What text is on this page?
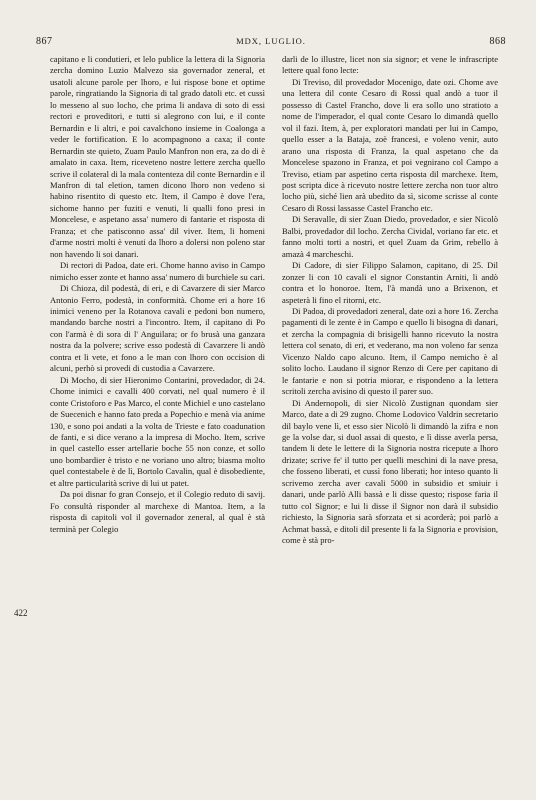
867	MDX, LUGLIO.	868
422

capitano e li condutieri, et lelo publice la lettera di la Signoria zercha domino Luzio Malvezo sia governador zeneral, et usatoli alcune parole per lhoro, e lui rispose bone et optime parole, ringratiando la Signoria di tal grado datoli etc. et cussì lo messeno al suo locho, che prima li andava di soto di essi rectori e proveditori, e tutti si alegrono con lui, e il conte Bernardin e li altri, e poi cavalchono insieme in Coalonga a veder le fortification. E lo acompagnono a caxa; il conte Bernardin ste quieto, Zuam Paulo Manfron non era, za do di è amalato in caxa. Item, riceveteno nostre lettere zercha quello scrive il colateral di la mala contenteza dil conte Bernardin e il Manfron di tal eletion, tamen dicono lhoro non vedeno si habino risentito di questo etc. Item, il Campo è dove l'era, sichome hanno per fuziti e venuti, li qualli fono presi in Moncelese, e aspetano assa' numero di fantarie et risposta di Franza; et che patisconno assa' dil viver. Item, li homeni d'arme nostri molti è venuti da lhoro a dolersi non poleno star non havendo li soi danari.

Di rectori di Padoa, date eri. Chome hanno aviso in Campo nimicho esser zonte et hanno assa' numero di burchiele su cari.

Di Chioza, dil podestà, di eri, e di Cavarzere di sier Marco Antonio Ferro, podestà, in conformità. Chome eri a hore 16 inimici veneno per la Rotanova cavali e pedoni bon numero, mandando barche nostri a l'incontro. Item, il capitano di Po con l'armà è di sora di l' Anguilara; or fo brusà una ganzara nostra da la polvere; scrive esso podestà di Cavarzere li andò contra et li vete, et fono a le man con lhoro con occision di alcuni, perhò si provedi di custodia a Cavarzere.

Di Mocho, di sier Hieronimo Contarini, provedador, di 24. Chome inimici e cavalli 400 corvati, nel qual numero è il conte Cristoforo e Pas Marco, el conte Michiel e uno castelano de Suecenich e hanno fato preda a Popechio e menà via anime 130, e sono poi andati a la volta de Trieste e fato coadunation de fanti, e si dice verano a la impresa di Mocho. Item, scrive in quel castello esser artellarie boche 55 non conze, et sollo uno bombardier è tristo e ne voriano uno altro; biasma molto quel contestabele è de lì, Bortolo Cavalin, qual è disobediente, et altre particularità scrive di lui ut patet.

Da poi disnar fo gran Consejo, et il Colegio reduto di savij. Fo consultà risponder al marchexe di Mantoa. Item, a la risposta di capitoli vol il governador zeneral, al qual è stà terminà per Colegio

darli de lo illustre, licet non sia signor; et vene le infrascripte lettere qual fono lecte:

Di Treviso, dil provedador Mocenigo, date ozi. Chome ave una lettera dil conte Cesaro di Rossi qual andò a tuor il possesso di Castel Francho, dove li era sollo uno stratioto a nome de l'imperador, el qual conte Cesaro lo dimandà quello vol il fazi. Item, à, per exploratori mandati per lui in Campo, quello esser a la Bataja, zoè francesi, e voleno venir, auto arano una risposta di Franza, la qual aspetano che da Moncelese spazono in Franza, et poi vegnirano col Campo a Treviso, etiam par aspetino certa risposta dil marchexe. Item, post scripta dice à ricevuto nostre lettere zercha non tuor altro locho più, siché lien arà ubedito da sì, sicome scrisse al conte Cesaro di Rossi lassasse Castel Francho etc.

Di Seravalle, di sier Zuan Diedo, provedador, e sier Nicolò Balbi, provedador dil locho. Zercha Cividal, voriano far etc. et fanno molti torti a nostri, et quel Zuam da Grim, rebello à amazà 4 marcheschi.

Di Cadore, di sier Filippo Salamon, capitano, di 25. Dil zonzer li con 10 cavali el signor Constantin Arniti, li andò contra et lo honoroe. Item, l'à mandà uno a Brixenon, et aspeterà li fino el ritorni, etc.

Di Padoa, di provedadori zeneral, date ozi a hore 16. Zercha pagamenti di le zente è in Campo e quello li bisogna di danari, et zercha la compagnia di brisigelli hanno ricevuto la nostra lettera col senato, di eri, et vederano, ma non voleno far senza Vicenzo Naldo capo alcuno. Item, il Campo nemicho è al solito locho. Laudano il signor Renzo di Cere per capitano di le fantarie e non si potria miorar, e rispondeno a la lettera scritoli zercha avisino di questo il parer suo.

Di Andernopoli, di sier Nicolò Zustignan quondam sier Marco, date a di 29 zugno. Chome Lodovico Valdrin secretario dil baylo vene lì, et esso sier Nicolò li dimandò la zifra e non ge la volse dar, si duol assai di questo, e lì disse averla persa, tandem li dete le lettere di la Signoria nostra ricepute a lhoro drizate; scrive fe' il tutto per quelli meschini di la nave presa, che fosseno liberati, et cussì fono liberati; hor inteso quanto li scrivemo zercha aver cavali 5000 in subsidio et smiuir i danari, unde parlò Alli bassà e li disse questo; rispose faria il tutto col Signor; e lui li disse il Signor non darà il subsidio richiesto, la Signoria sarà sforzata et si acorderà; poi parlò a Achmat bassà, e ditoli dil presente li fa la Signoria e provision, come è stà pro-
